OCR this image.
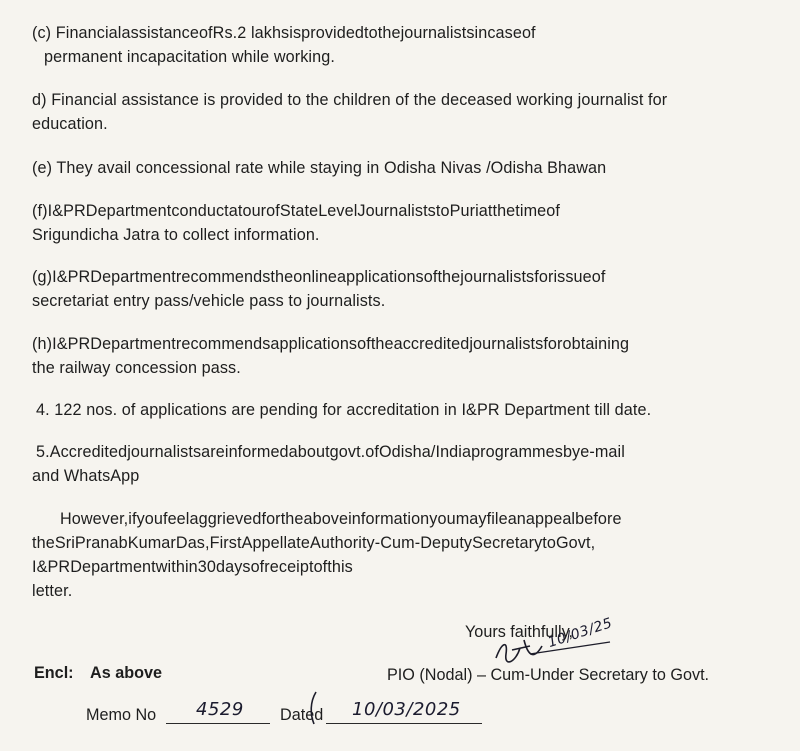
(c) FinancialassistanceofRs.2 lakhsisprovidedtothejournalistsincaseof
permanent incapacitation while working.
d) Financial assistance is provided to the children of the deceased working journalist for
education.
(e) They avail concessional rate while staying in Odisha Nivas /Odisha Bhawan
(f)I&PRDepartmentconductatourofStateLevelJournaliststoPuriatthetimeof
Srigundicha Jatra to collect information.
(g)I&PRDepartmentrecommendstheonlineapplicationsofthejournalistsforissueof
secretariat entry pass/vehicle pass to journalists.
(h)I&PRDepartmentrecommendsapplicationsoftheaccreditedjournalistsforobtaining
the railway concession pass.
4. 122 nos. of applications are pending for accreditation in I&PR Department till date.
5.Accreditedjournalistsareinformedaboutgovt.ofOdisha/Indiaprogrammesbye-mail
and WhatsApp
However,ifyoufeelaggrievedfortheaboveinformationyoumayfileanappealbefore
theSriPranabKumarDas,FirstAppellateAuthority-Cum-DeputySecretarytoGovt,
I&PRDepartmentwithin30daysofreceiptofthis
letter.
Yours faithfully,
10/03/25
Encl: As above	PIO (Nodal) – Cum-Under Secretary to Govt.
Memo No 4529 Dated 10/03/2025
